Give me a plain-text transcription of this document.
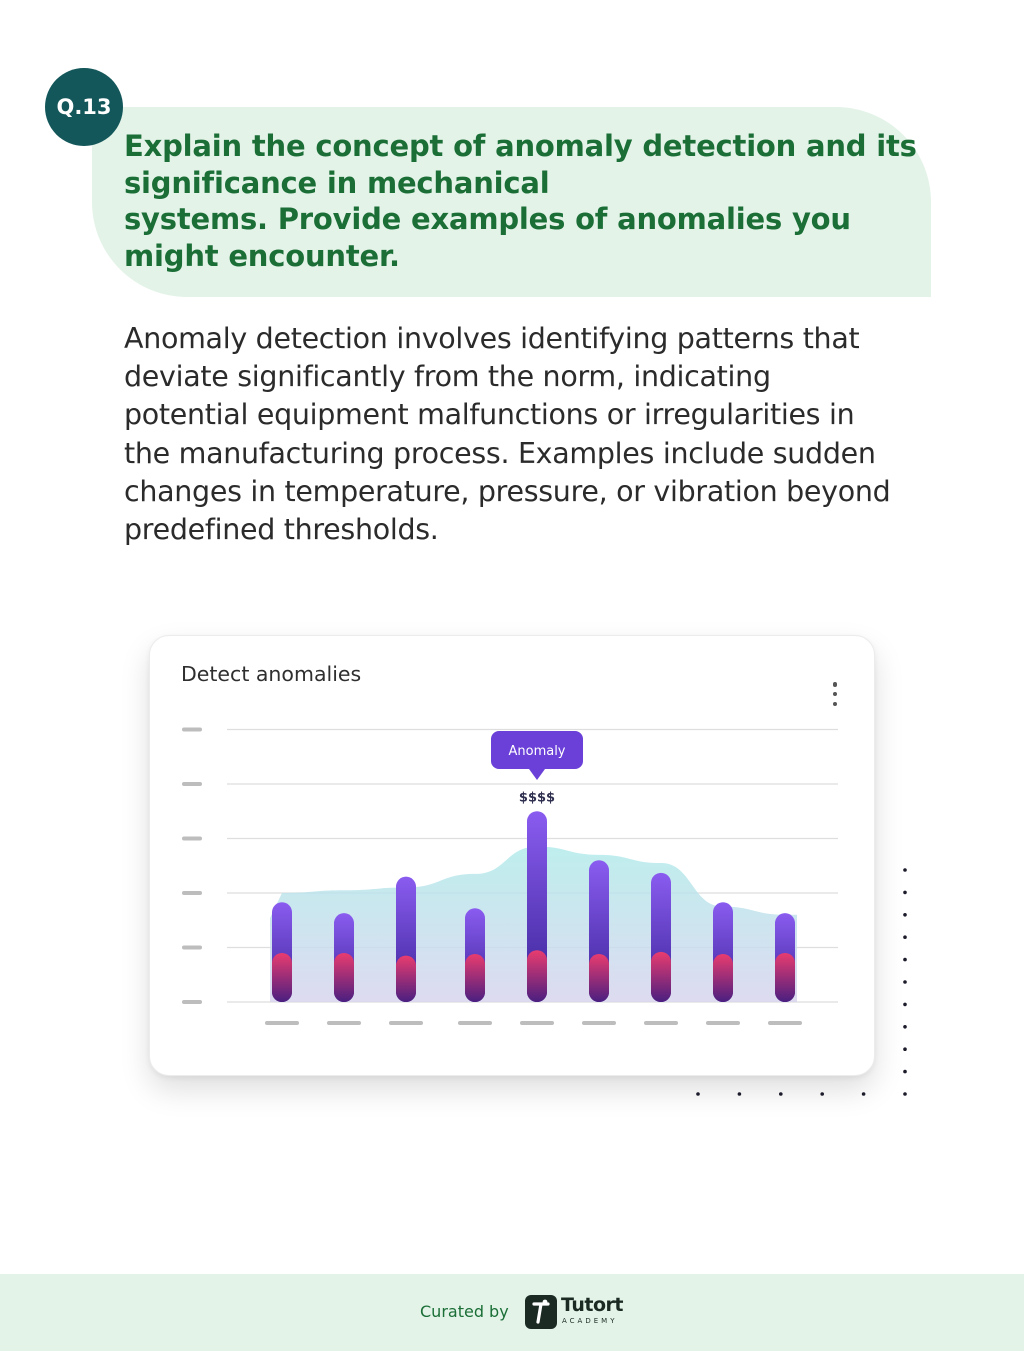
Q.13
Explain the concept of anomaly detection and its
significance in mechanical
systems. Provide examples of anomalies you
might encounter.
Anomaly detection involves identifying patterns that
deviate significantly from the norm, indicating
potential equipment malfunctions or irregularities in
the manufacturing process. Examples include sudden
changes in temperature, pressure, or vibration beyond
predefined thresholds.
Anomaly
$$$$
Detect anomalies
Curated by	Tutort
ACADEMY
